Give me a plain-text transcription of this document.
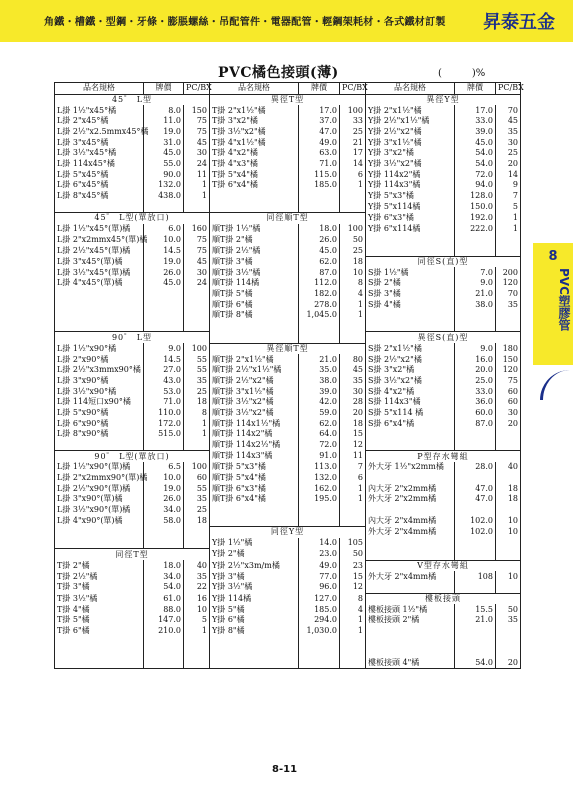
角鐵・槽鐵・型鋼・牙條・膨脹螺絲・吊配管件・電器配管・輕鋼架耗材・各式鐵材訂製 昇泰五金
PVC橘色接頭(薄)	(	)%
品名規格	牌價	PC/BX	品名規格	牌價	PC/BX	品名規格	牌價	PC/BX
45゜ L型			異徑T型			異徑Y型		
L掛 1½"x45°橘	8.0	150	T掛 2"x1½"橘	17.0	100	Y掛 2"x1½"橘	17.0	70
L掛 2"x45°橘	11.0	75	T掛 3"x2"橘	37.0	33	Y掛 2½"x1½"橘	33.0	45
L掛 2½"x2.5mmx45°橘	19.0	75	T掛 3½"x2"橘	47.0	25	Y掛 2½"x2"橘	39.0	35
L掛 3"x45°橘	31.0	45	T掛 4"x1½"橘	49.0	21	Y掛 3"x1½"橘	45.0	30
L掛 3½"x45°橘	45.0	30	T掛 4"x2"橘	63.0	17	Y掛 3"x2"橘	54.0	25
L掛 114x45°橘	55.0	24	T掛 4"x3"橘	71.0	14	Y掛 3½"x2"橘	54.0	20
L掛 5"x45°橘	90.0	11	T掛 5"x4"橘	115.0	6	Y掛 114x2"橘	72.0	14
L掛 6"x45°橘	132.0	1	T掛 6"x4"橘	185.0	1	Y掛 114x3"橘	94.0	9
L掛 8"x45°橘	438.0	1				Y掛 5"x3"橘	128.0	7
						Y掛 5"x114橘	150.0	5
45゜ L型(單放口)			同徑順T型			Y掛 6"x3"橘	192.0	1
L掛 1½"x45°(單)橘	6.0	160	順T掛 1½"橘	18.0	100	Y掛 6"x114橘	222.0	1
L掛 2"x2mmx45°(單)橘	10.0	75	順T掛 2"橘	26.0	50			
L掛 2½"x45°(單)橘	14.5	75	順T掛 2½"橘	45.0	25			
L掛 3"x45°(單)橘	19.0	45	順T掛 3"橘	62.0	18	同徑S(直)型		
L掛 3½"x45°(單)橘	26.0	30	順T掛 3½"橘	87.0	10	S掛 1½"橘	7.0	200
L掛 4"x45°(單)橘	45.0	24	順T掛 114橘	112.0	8	S掛 2"橘	9.0	120
			順T掛 5"橘	182.0	4	S掛 3"橘	21.0	70
			順T掛 6"橘	278.0	1	S掛 4"橘	38.0	35
			順T掛 8"橘	1,045.0	1			

90゜ L型						異徑S(直)型		
L掛 1½"x90°橘	9.0	100	異徑順T型			S掛 2"x1½"橘	9.0	180
L掛 2"x90°橘	14.5	55	順T掛 2"x1½"橘	21.0	80	S掛 2½"x2"橘	16.0	150
L掛 2½"x3mmx90°橘	27.0	55	順T掛 2½"x1½"橘	35.0	45	S掛 3"x2"橘	20.0	120
L掛 3"x90°橘	43.0	35	順T掛 2½"x2"橘	38.0	35	S掛 3½"x2"橘	25.0	75
L掛 3½"x90°橘	53.0	25	順T掛 3"x1½"橘	39.0	30	S掛 4"x2"橘	33.0	60
L掛 114短口x90°橘	71.0	18	順T掛 3½"x2"橘	42.0	28	S掛 114x3"橘	36.0	60
L掛 5"x90°橘	110.0	8	順T掛 3½"x2"橘	59.0	20	S掛 5"x114 橘	60.0	30
L掛 6"x90°橘	172.0	1	順T掛 114x1½"橘	62.0	18	S掛 6"x4"橘	87.0	20
L掛 8"x90°橘	515.0	1	順T掛 114x2"橘	64.0	15			
			順T掛 114x2½"橘	72.0	12			
90゜ L型(單放口)			順T掛 114x3"橘	91.0	11	P型存水彎組		
L掛 1½"x90°(單)橘	6.5	100	順T掛 5"x3"橘	113.0	7	外大牙 1½"x2mm橘	28.0	40
L掛 2"x2mmx90°(單)橘	10.0	60	順T掛 5"x4"橘	132.0	6			
L掛 2½"x90°(單)橘	19.0	55	順T掛 6"x3"橘	162.0	1	內大牙 2"x2mm橘	47.0	18
L掛 3"x90°(單)橘	26.0	35	順T掛 6"x4"橘	195.0	1	外大牙 2"x2mm橘	47.0	18
L掛 3½"x90°(單)橘	34.0	25						
L掛 4"x90°(單)橘	58.0	18				內大牙 2"x4mm橘	102.0	10
			同徑Y型			外大牙 2"x4mm橘	102.0	10
			Y掛 1½"橘	14.0	105			
同徑T型			Y掛 2"橘	23.0	50			
T掛 2"橘	18.0	40	Y掛 2½"x3m/m橘	49.0	23	V型存水彎組		
T掛 2½"橘	34.0	35	Y掛 3"橘	77.0	15	外大牙 2"x4mm橘	108	10
T掛 3"橘	54.0	22	Y掛 3½"橘	96.0	12			
T掛 3½"橘	61.0	16	Y掛 114橘	127.0	8	樓板接頭		
T掛 4"橘	88.0	10	Y掛 5"橘	185.0	4	樓板接頭 1½"橘	15.5	50
T掛 5"橘	147.0	5	Y掛 6"橘	294.0	1	樓板接頭 2"橘	21.0	35
T掛 6"橘	210.0	1	Y掛 8"橘	1,030.0	1			

						樓板接頭 4"橘	54.0	20
8
PVC塑膠管
8-11
